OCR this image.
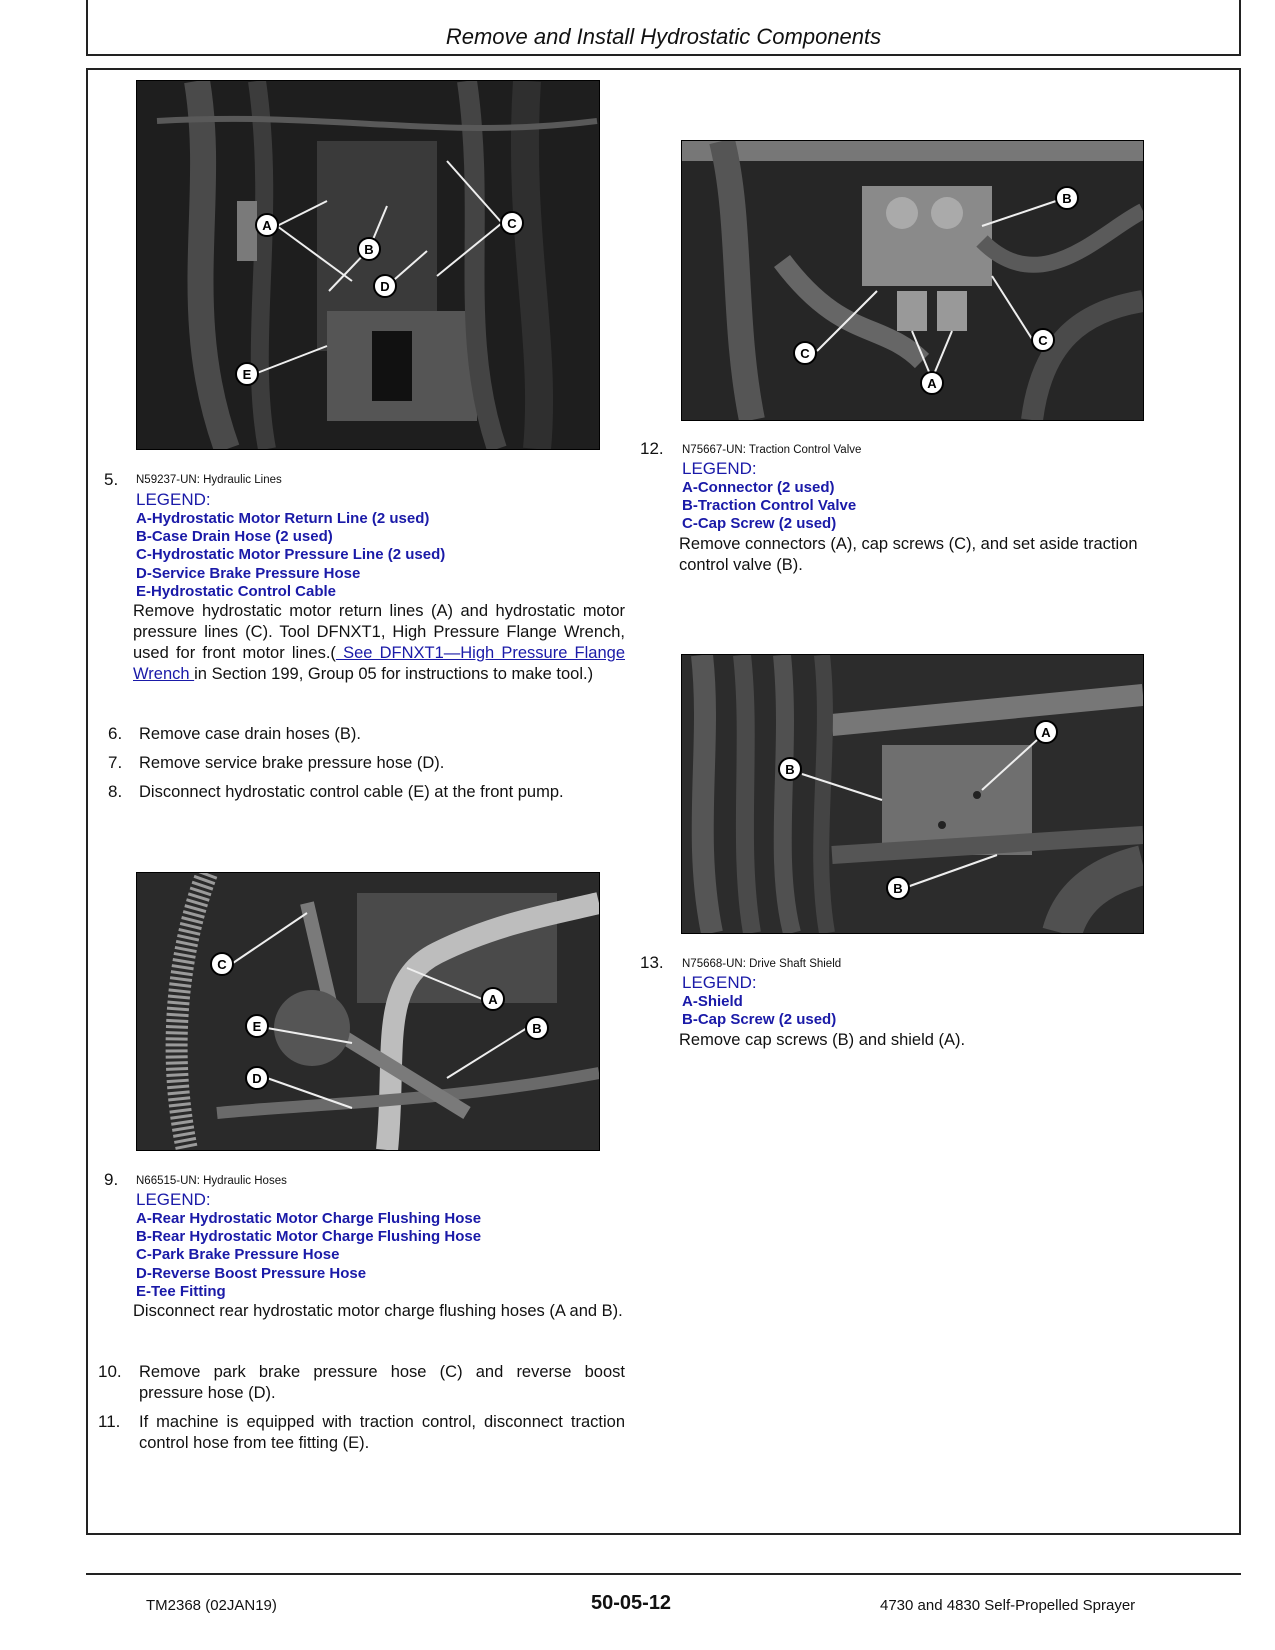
Remove and Install Hydrostatic Components
A
B
C
D
E
5. N59237-UN: Hydraulic Lines
LEGEND:
A-Hydrostatic Motor Return Line (2 used)
B-Case Drain Hose (2 used)
C-Hydrostatic Motor Pressure Line (2 used)
D-Service Brake Pressure Hose
E-Hydrostatic Control Cable
Remove hydrostatic motor return lines (A) and hydrostatic motor pressure lines (C). Tool DFNXT1, High Pressure Flange Wrench, used for front motor lines.( See DFNXT1—High Pressure Flange Wrench in Section 199, Group 05 for instructions to make tool.)
6. Remove case drain hoses (B).
7. Remove service brake pressure hose (D).
8. Disconnect hydrostatic control cable (E) at the front pump.
C
E
A
B
D
9. N66515-UN: Hydraulic Hoses
LEGEND:
A-Rear Hydrostatic Motor Charge Flushing Hose
B-Rear Hydrostatic Motor Charge Flushing Hose
C-Park Brake Pressure Hose
D-Reverse Boost Pressure Hose
E-Tee Fitting
Disconnect rear hydrostatic motor charge flushing hoses (A and B).
10. Remove park brake pressure hose (C) and reverse boost pressure hose (D).
11. If machine is equipped with traction control, disconnect traction control hose from tee fitting (E).
B
C
C
A
12. N75667-UN: Traction Control Valve
LEGEND:
A-Connector (2 used)
B-Traction Control Valve
C-Cap Screw (2 used)
Remove connectors (A), cap screws (C), and set aside traction control valve (B).
A
B
B
13. N75668-UN: Drive Shaft Shield
LEGEND:
A-Shield
B-Cap Screw (2 used)
Remove cap screws (B) and shield (A).
TM2368 (02JAN19)	50-05-12	4730 and 4830 Self-Propelled Sprayer
